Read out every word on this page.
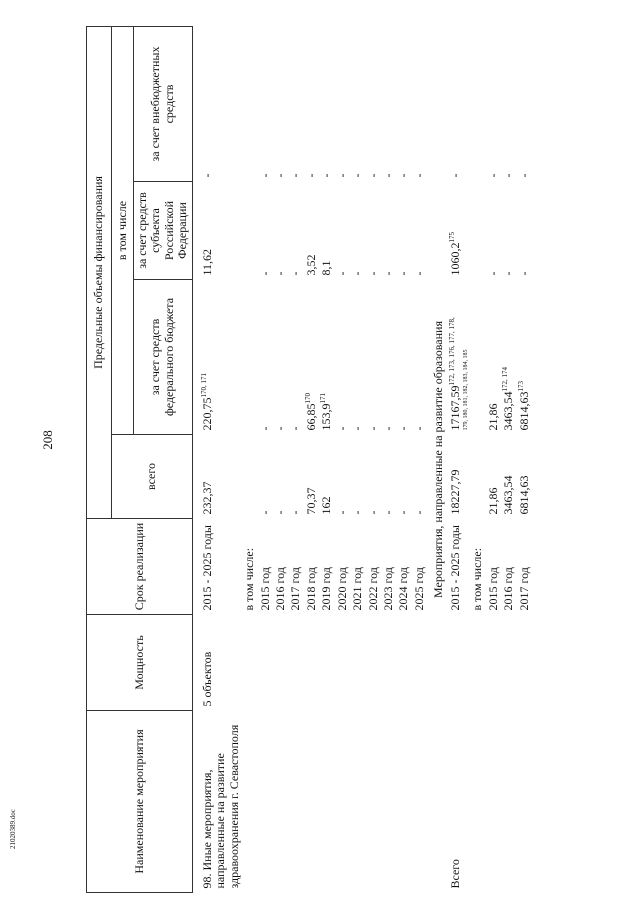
208
21020389.doc	Наименование мероприятия	Мощность	Срок реализации	Предельные объемы финансирования			
			всего	в том числе		
				за счет средств федерального бюджета	за счет средств субъекта Российской Федерации	за счет внебюджетных средств
98. Иные мероприятия, направленные на развитие здравоохранения г. Севастополя	5 объектов	2015 - 2025 годы	232,37	220,75$^{170, 171}$	11,62	-
		в том числе:				
		2015 год	-	-	-	-
		2016 год	-	-	-	-
		2017 год	-	-	-	-
		2018 год	70,37	66,85$^{170}$	3,52	-
		2019 год	162	153,9$^{171}$	8,1	-
		2020 год	-	-	-	-
		2021 год	-	-	-	-
		2022 год	-	-	-	-
		2023 год	-	-	-	-
		2024 год	-	-	-	-
		2025 год	-	-	-	-
Мероприятия, направленные на развитие образования						
Всего		2015 - 2025 годы	18227,79	$17167,59^{172, 173, 176, 177, 178,}$ 179, 180, 181, 182, 183, 184, 185	1060,2$^{175}$	-
		в том числе:				
		2015 год	21,86	21,86	-	-
		2016 год	3463,54	3463,54$^{172, 174}$	-	-
		2017 год	6814,63	6814,63$^{173}$	-	-
